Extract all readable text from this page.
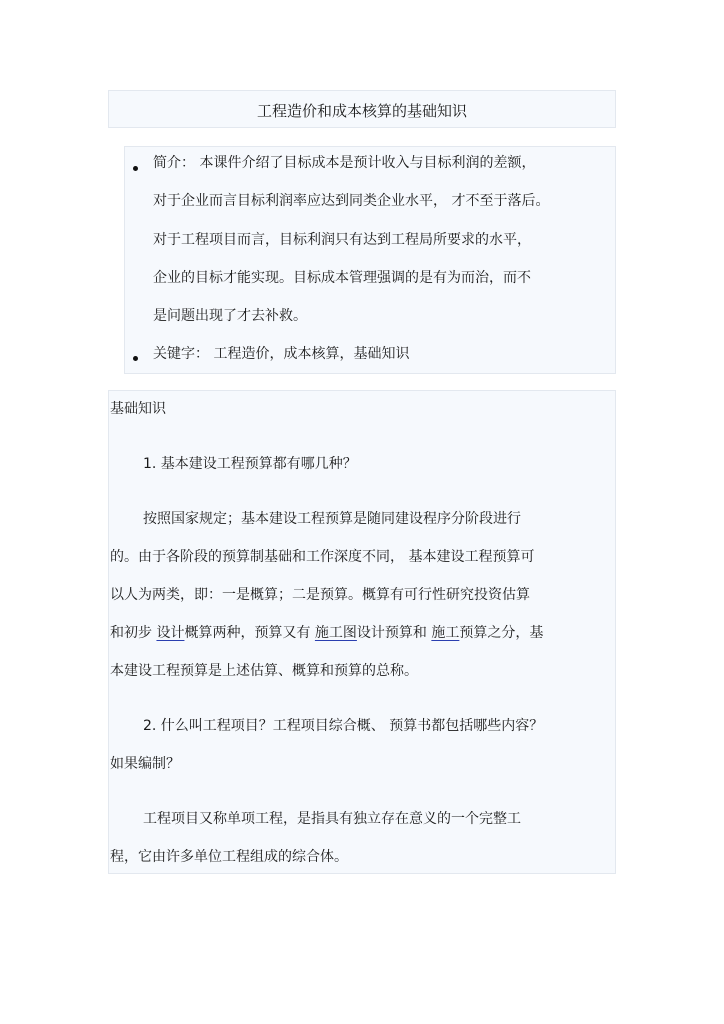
工程造价和成本核算的基础知识
简介： 本课件介绍了目标成本是预计收入与目标利润的差额，
对于企业而言目标利润率应达到同类企业水平， 才不至于落后。
对于工程项目而言，目标利润只有达到工程局所要求的水平，
企业的目标才能实现。目标成本管理强调的是有为而治，而不
是问题出现了才去补救。
关键字： 工程造价，成本核算，基础知识
基础知识
1. 基本建设工程预算都有哪几种？
按照国家规定；基本建设工程预算是随同建设程序分阶段进行
的。由于各阶段的预算制基础和工作深度不同， 基本建设工程预算可
以人为两类，即：一是概算；二是预算。概算有可行性研究投资估算
和初步 设计概算两种，预算又有 施工图设计预算和 施工预算之分，基
本建设工程预算是上述估算、概算和预算的总称。
2. 什么叫工程项目？工程项目综合概、 预算书都包括哪些内容？
如果编制？
工程项目又称单项工程，是指具有独立存在意义的一个完整工
程，它由许多单位工程组成的综合体。
